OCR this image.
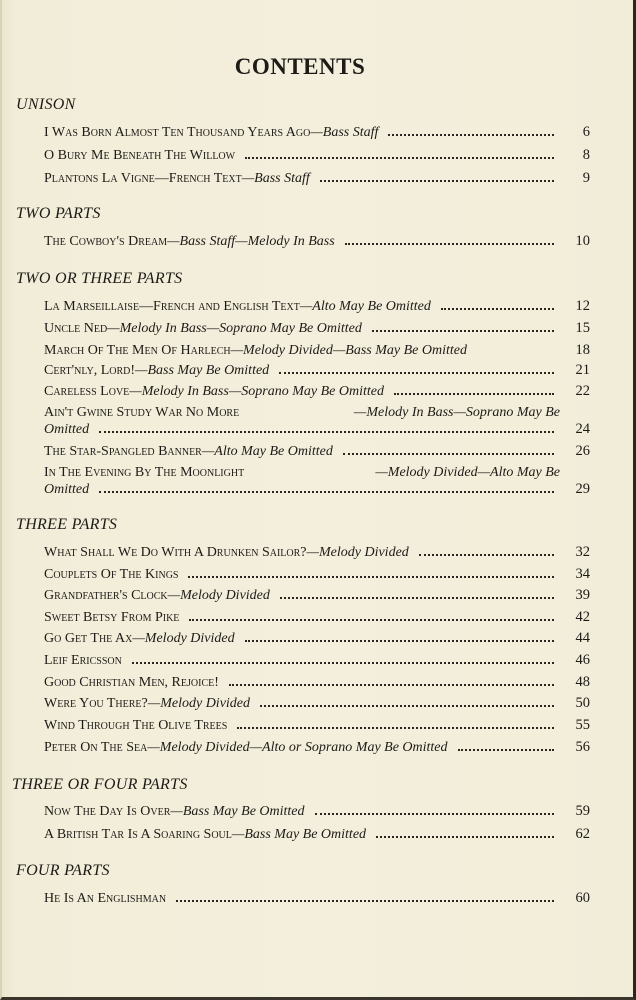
CONTENTS
UNISON
I Was Born Almost Ten Thousand Years Ago—Bass Staff	6
O Bury Me Beneath The Willow	8
Plantons La Vigne—French Text—Bass Staff	9
TWO PARTS
The Cowboy's Dream—Bass Staff—Melody In Bass	10
TWO OR THREE PARTS
La Marseillaise—French and English Text—Alto May Be Omitted	12
Uncle Ned—Melody In Bass—Soprano May Be Omitted	15
March Of The Men Of Harlech—Melody Divided—Bass May Be Omitted	18
Cert'nly, Lord!—Bass May Be Omitted	21
Careless Love—Melody In Bass—Soprano May Be Omitted	22
Ain't Gwine Study War No More	—Melody In Bass—Soprano May Be
Omitted	24
The Star-Spangled Banner—Alto May Be Omitted	26
In The Evening By The Moonlight	—Melody Divided—Alto May Be
Omitted	29
THREE PARTS
What Shall We Do With A Drunken Sailor?—Melody Divided	32
Couplets Of The Kings	34
Grandfather's Clock—Melody Divided	39
Sweet Betsy From Pike	42
Go Get The Ax—Melody Divided	44
Leif Ericsson	46
Good Christian Men, Rejoice!	48
Were You There?—Melody Divided	50
Wind Through The Olive Trees	55
Peter On The Sea—Melody Divided—Alto or Soprano May Be Omitted	56
THREE OR FOUR PARTS
Now The Day Is Over—Bass May Be Omitted	59
A British Tar Is A Soaring Soul—Bass May Be Omitted	62
FOUR PARTS
He Is An Englishman	60
